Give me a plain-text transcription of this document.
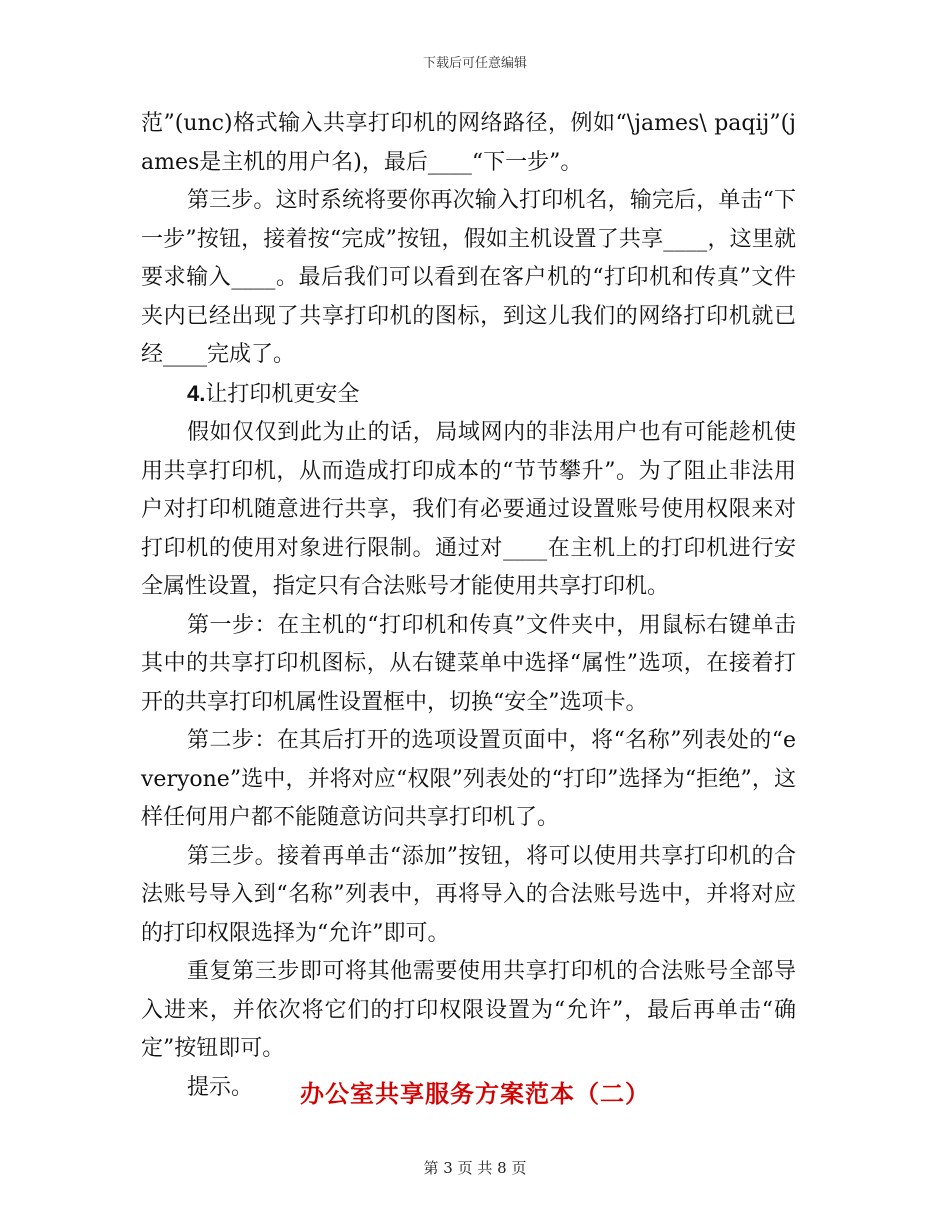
下载后可任意编辑

范”(unc)格式输入共享打印机的网络路径，例如“\james\ paqij”(james是主机的用户名)，最后____“下一步”。

第三步。这时系统将要你再次输入打印机名，输完后，单击“下一步”按钮，接着按“完成”按钮，假如主机设置了共享____，这里就要求输入____。最后我们可以看到在客户机的“打印机和传真”文件夹内已经出现了共享打印机的图标，到这儿我们的网络打印机就已经____完成了。

4.让打印机更安全

假如仅仅到此为止的话，局域网内的非法用户也有可能趁机使用共享打印机，从而造成打印成本的“节节攀升”。为了阻止非法用户对打印机随意进行共享，我们有必要通过设置账号使用权限来对打印机的使用对象进行限制。通过对____在主机上的打印机进行安全属性设置，指定只有合法账号才能使用共享打印机。

第一步：在主机的“打印机和传真”文件夹中，用鼠标右键单击其中的共享打印机图标，从右键菜单中选择“属性”选项，在接着打开的共享打印机属性设置框中，切换“安全”选项卡。

第二步：在其后打开的选项设置页面中，将“名称”列表处的“everyone”选中，并将对应“权限”列表处的“打印”选择为“拒绝”，这样任何用户都不能随意访问共享打印机了。

第三步。接着再单击“添加”按钮，将可以使用共享打印机的合法账号导入到“名称”列表中，再将导入的合法账号选中，并将对应的打印权限选择为“允许”即可。

重复第三步即可将其他需要使用共享打印机的合法账号全部导入进来，并依次将它们的打印权限设置为“允许”，最后再单击“确定”按钮即可。

提示。	办公室共享服务方案范本（二）
第 3 页 共 8 页
